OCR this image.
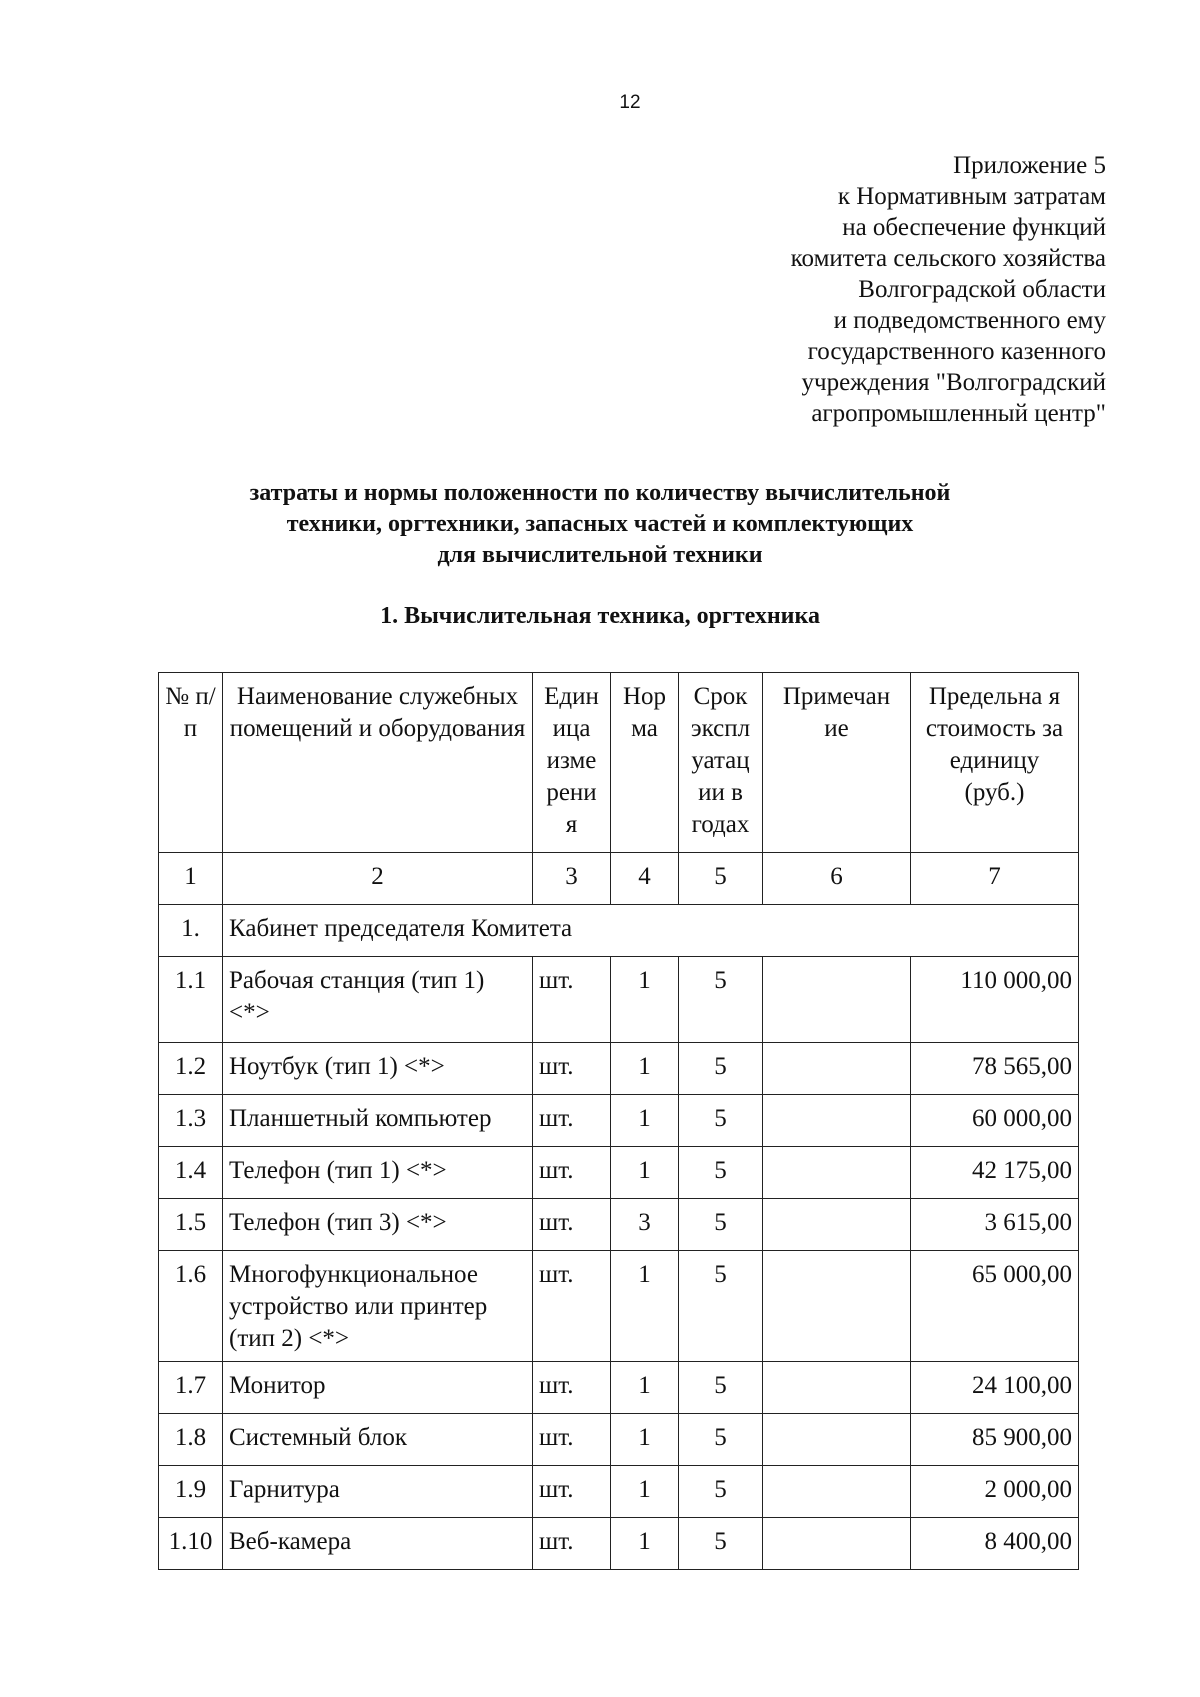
12
Приложение 5
к Нормативным затратам
на обеспечение функций
комитета сельского хозяйства
Волгоградской области
и подведомственного ему
государственного казенного
учреждения "Волгоградский
агропромышленный центр"
затраты и нормы положенности по количеству вычислительной
техники, оргтехники, запасных частей и комплектующих
для вычислительной техники
1. Вычислительная техника, оргтехника
№ п/п	Наименование служебных помещений и оборудования	Един ица изме рени я	Нор ма	Срок экспл уатац ии в годах	Примечан ие	Предельна я стоимость за единицу (руб.)
1	2	3	4	5	6	7
1.	Кабинет председателя Комитета					
1.1	Рабочая станция (тип 1) <*>	шт.	1	5		110 000,00
1.2	Ноутбук (тип 1) <*>	шт.	1	5		78 565,00
1.3	Планшетный компьютер	шт.	1	5		60 000,00
1.4	Телефон (тип 1) <*>	шт.	1	5		42 175,00
1.5	Телефон (тип 3) <*>	шт.	3	5		3 615,00
1.6	Многофункциональное устройство или принтер (тип 2) <*>	шт.	1	5		65 000,00
1.7	Монитор	шт.	1	5		24 100,00
1.8	Системный блок	шт.	1	5		85 900,00
1.9	Гарнитура	шт.	1	5		2 000,00
1.10	Веб-камера	шт.	1	5		8 400,00
